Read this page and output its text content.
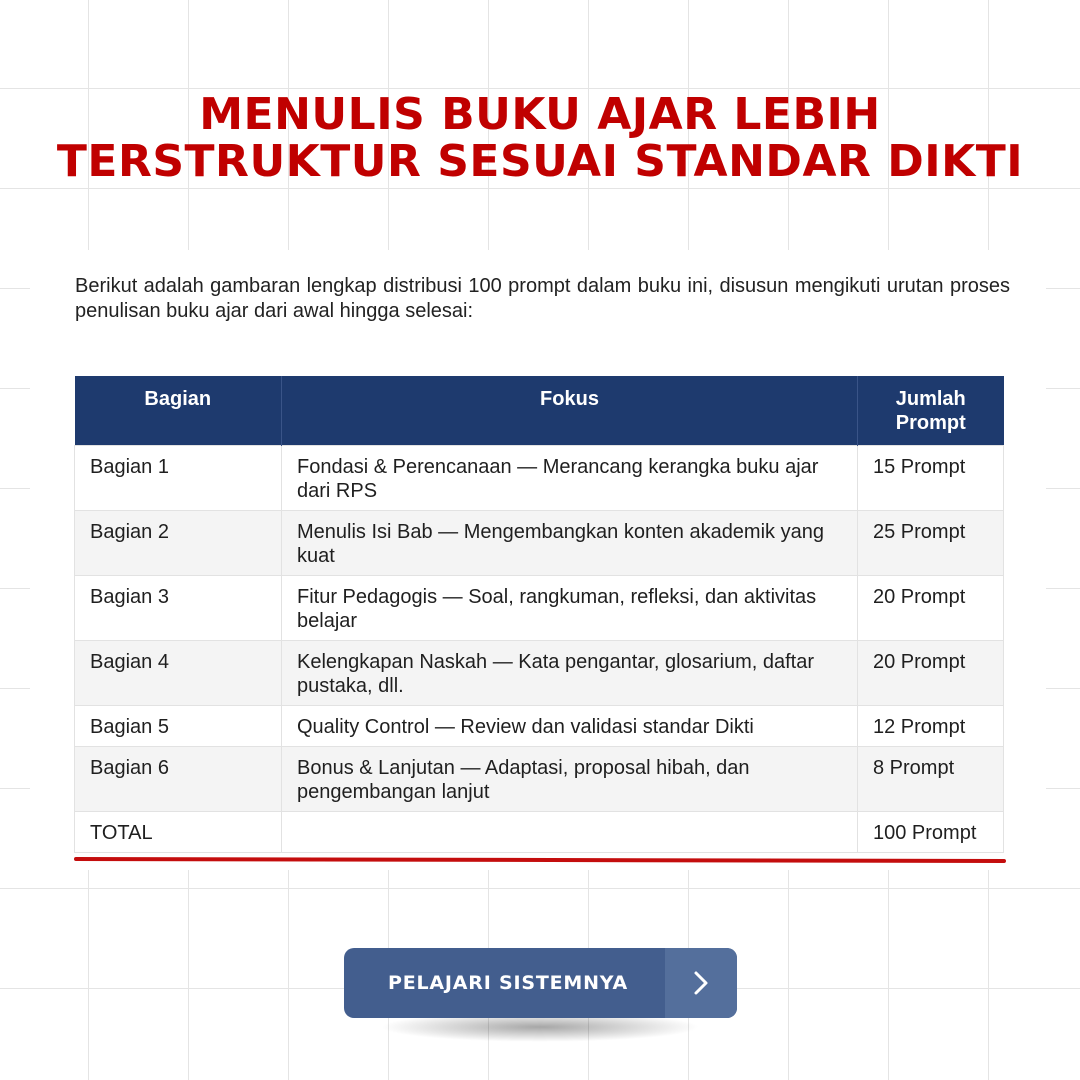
MENULIS BUKU AJAR LEBIH
TERSTRUKTUR SESUAI STANDAR DIKTI

Berikut adalah gambaran lengkap distribusi 100 prompt dalam buku ini, disusun mengikuti urutan proses penulisan buku ajar dari awal hingga selesai:

Bagian	Fokus	Jumlah Prompt
Bagian 1	Fondasi & Perencanaan — Merancang kerangka buku ajar dari RPS	15 Prompt
Bagian 2	Menulis Isi Bab — Mengembangkan konten akademik yang kuat	25 Prompt
Bagian 3	Fitur Pedagogis — Soal, rangkuman, refleksi, dan aktivitas belajar	20 Prompt
Bagian 4	Kelengkapan Naskah — Kata pengantar, glosarium, daftar pustaka, dll.	20 Prompt
Bagian 5	Quality Control — Review dan validasi standar Dikti	12 Prompt
Bagian 6	Bonus & Lanjutan — Adaptasi, proposal hibah, dan pengembangan lanjut	8 Prompt
TOTAL		100 Prompt
PELAJARI SISTEMNYA
